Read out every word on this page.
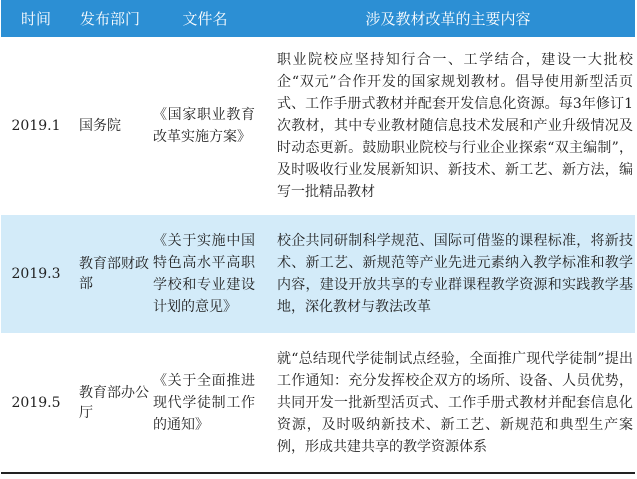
时间	发布部门	文件名	涉及教材改革的主要内容
2019.1	国务院	《国家职业教育改革实施方案》	职业院校应坚持知行合一、工学结合，建设一大批校企“双元”合作开发的国家规划教材。倡导使用新型活页式、工作手册式教材并配套开发信息化资源。每3年修订1次教材，其中专业教材随信息技术发展和产业升级情况及时动态更新。鼓励职业院校与行业企业探索“双主编制”，及时吸收行业发展新知识、新技术、新工艺、新方法，编写一批精品教材
2019.3	教育部财政部	《关于实施中国特色高水平高职学校和专业建设计划的意见》	校企共同研制科学规范、国际可借鉴的课程标准，将新技术、新工艺、新规范等产业先进元素纳入教学标准和教学内容，建设开放共享的专业群课程教学资源和实践教学基地，深化教材与教法改革
2019.5	教育部办公厅	《关于全面推进现代学徒制工作的通知》	就“总结现代学徒制试点经验，全面推广现代学徒制”提出工作通知：充分发挥校企双方的场所、设备、人员优势，共同开发一批新型活页式、工作手册式教材并配套信息化资源，及时吸纳新技术、新工艺、新规范和典型生产案例，形成共建共享的教学资源体系
